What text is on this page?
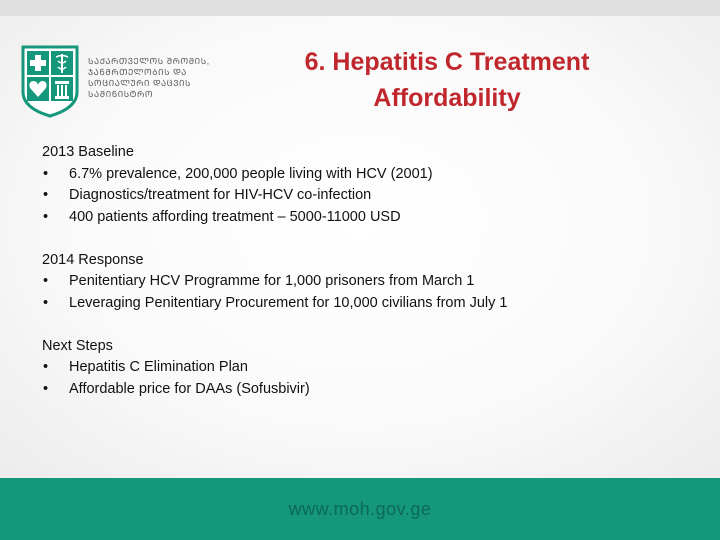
ᲡᲐᲥᲐᲠᲗᲕᲔᲚᲝᲡ ᲨᲠᲝᲛᲘᲡ,
ᲯᲐᲜᲛᲠᲗᲔᲚᲝᲑᲘᲡ ᲓᲐ
ᲡᲝᲪᲘᲐᲚᲣᲠᲘ ᲓᲐᲪᲕᲘᲡ
ᲡᲐᲛᲘᲜᲘᲡᲢᲠᲝ
6. Hepatitis C Treatment
Affordability
2013 Baseline
• 6.7% prevalence, 200,000 people living with HCV (2001)
• Diagnostics/treatment for HIV-HCV co-infection
• 400 patients affording treatment – 5000-11000 USD
2014 Response
• Penitentiary HCV Programme for 1,000 prisoners from March 1
• Leveraging Penitentiary Procurement for 10,000 civilians from July 1
Next Steps
• Hepatitis C Elimination Plan
• Affordable price for DAAs (Sofusbivir)
www.moh.gov.ge
